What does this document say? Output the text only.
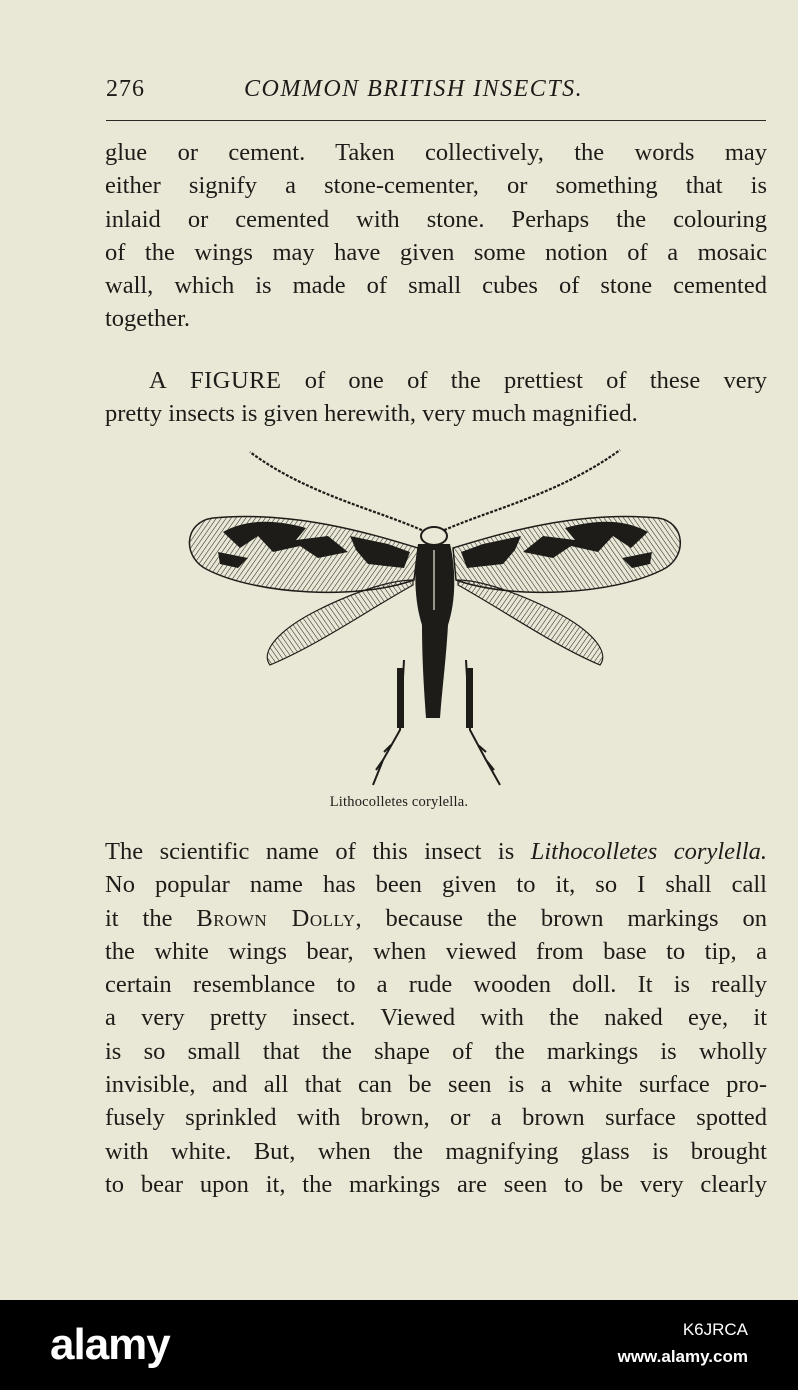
276	COMMON BRITISH INSECTS.

glue or cement. Taken collectively, the words may
either signify a stone-cementer, or something that is
inlaid or cemented with stone. Perhaps the colouring
of the wings may have given some notion of a mosaic
wall, which is made of small cubes of stone cemented
together.

A FIGURE of one of the prettiest of these very
pretty insects is given herewith, very much magnified.

Lithocolletes corylella.

The scientific name of this insect is Lithocolletes corylella.
No popular name has been given to it, so I shall call
it the Brown Dolly, because the brown markings on
the white wings bear, when viewed from base to tip, a
certain resemblance to a rude wooden doll. It is really
a very pretty insect. Viewed with the naked eye, it
is so small that the shape of the markings is wholly
invisible, and all that can be seen is a white surface pro-
fusely sprinkled with brown, or a brown surface spotted
with white. But, when the magnifying glass is brought
to bear upon it, the markings are seen to be very clearly

alamy	K6JRCA
www.alamy.com
